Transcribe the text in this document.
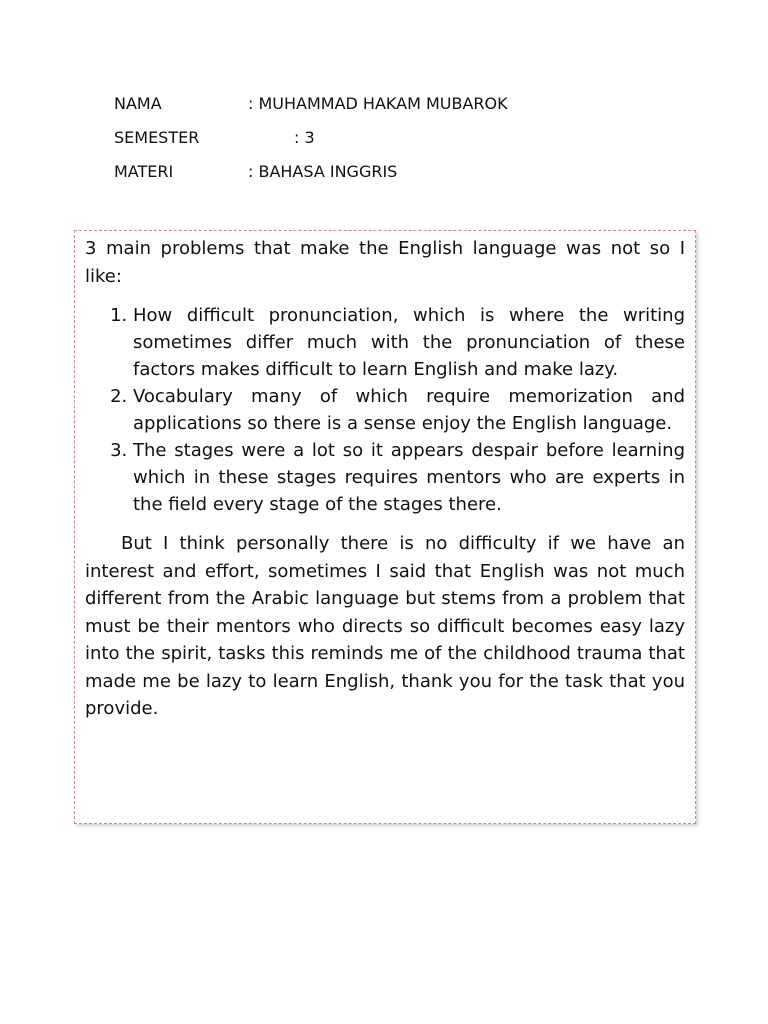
NAMA	: MUHAMMAD HAKAM MUBAROK
SEMESTER	: 3
MATERI	: BAHASA INGGRIS

3 main problems that make the English language was not so I like:

1. How difficult pronunciation, which is where the writing sometimes differ much with the pronunciation of these factors makes difficult to learn English and make lazy.
2. Vocabulary many of which require memorization and applications so there is a sense enjoy the English language.
3. The stages were a lot so it appears despair before learning which in these stages requires mentors who are experts in the field every stage of the stages there.

But I think personally there is no difficulty if we have an interest and effort, sometimes I said that English was not much different from the Arabic language but stems from a problem that must be their mentors who directs so difficult becomes easy lazy into the spirit, tasks this reminds me of the childhood trauma that made me be lazy to learn English, thank you for the task that you provide.
